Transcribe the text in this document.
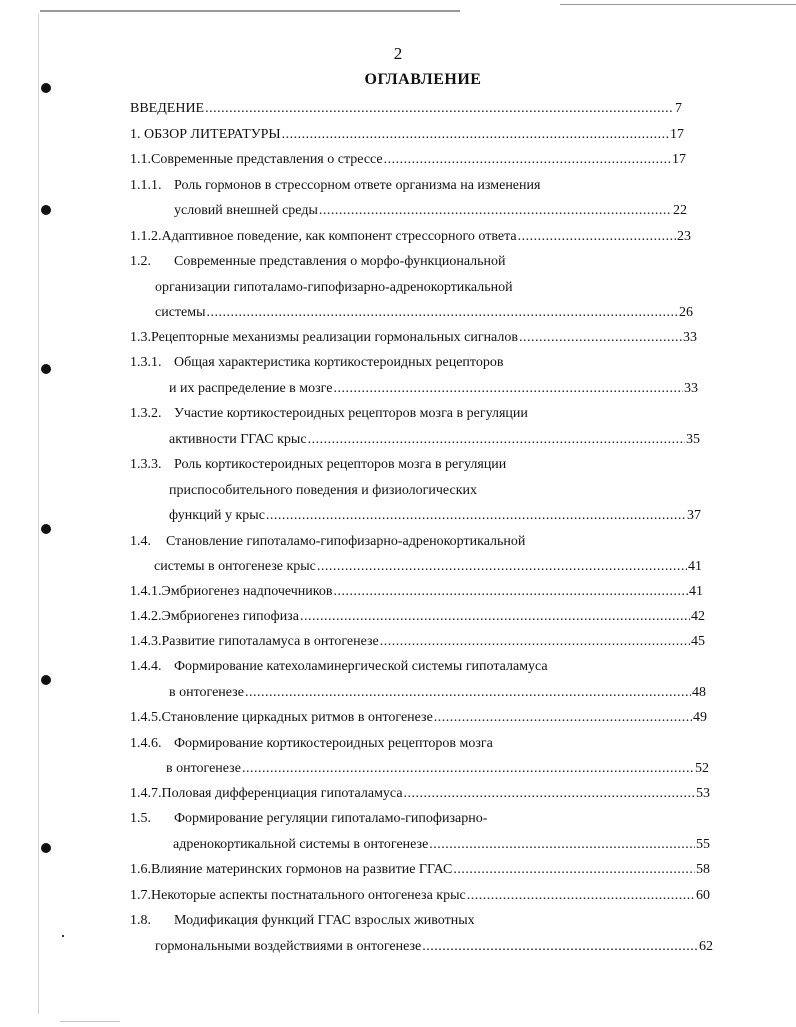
2
ОГЛАВЛЕНИЕ
ВВЕДЕНИЕ .....	7
1. ОБЗОР ЛИТЕРАТУРЫ .....	17
1.1. Современные представления о стрессе .....	17
1.1.1. Роль гормонов в стрессорном ответе организма на изменения
условий внешней среды .....	22
1.1.2. Адаптивное поведение, как компонент стрессорного ответа .....	23
1.2.	Современные представления о морфо-функциональной
организации гипоталамо-гипофизарно-адренокортикальной
системы .....	26
1.3. Рецепторные механизмы реализации гормональных сигналов .....	33
1.3.1. Общая характеристика кортикостероидных рецепторов
и их распределение в мозге .....	33
1.3.2. Участие кортикостероидных рецепторов мозга в регуляции
активности ГГАС крыс .....	35
1.3.3. Роль кортикостероидных рецепторов мозга в регуляции
приспособительного поведения и физиологических
функций у крыс .....	37
1.4.	Становление гипоталамо-гипофизарно-адренокортикальной
системы в онтогенезе крыс .....	41
1.4.1. Эмбриогенез надпочечников .....	41
1.4.2. Эмбриогенез гипофиза .....	42
1.4.3. Развитие гипоталамуса в онтогенезе .....	45
1.4.4. Формирование катехоламинергической системы гипоталамуса
в онтогенезе .....	48
1.4.5. Становление циркадных ритмов в онтогенезе .....	49
1.4.6. Формирование кортикостероидных рецепторов мозга
в онтогенезе .....	52
1.4.7. Половая дифференциация гипоталамуса .....	53
1.5.	Формирование регуляции гипоталамо-гипофизарно-
адренокортикальной системы в онтогенезе .....	55
1.6. Влияние материнских гормонов на развитие ГГАС .....	58
1.7. Некоторые аспекты постнатального онтогенеза крыс .....	60
1.8.	Модификация функций ГГАС взрослых животных
гормональными воздействиями в онтогенезе .....	62
